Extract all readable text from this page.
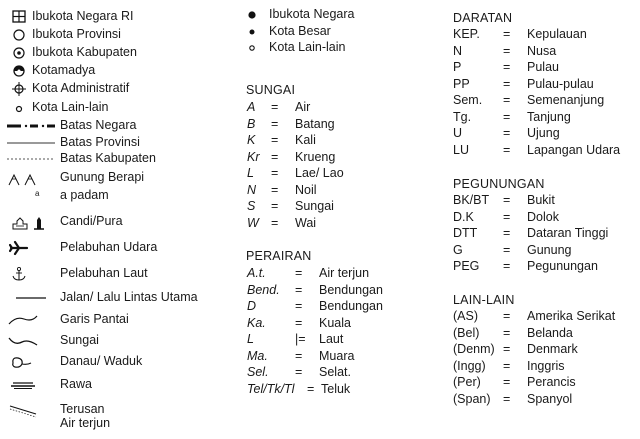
Ibukota Negara RI
Ibukota Provinsi
Ibukota Kabupaten
Kotamadya
Kota Administratif
Kota Lain-lain
Batas Negara
Batas Provinsi
Batas Kabupaten
a
Gunung Berapi
a padam
Candi/Pura
Pelabuhan Udara
Pelabuhan Laut
Jalan/ Lalu Lintas Utama
Garis Pantai
Sungai
Danau/ Waduk
Rawa
Terusan
Air terjun
Ibukota Negara
Kota Besar
Kota Lain-lain
SUNGAI
A = Air
B = Batang
K = Kali
Kr = Krueng
L = Lae/ Lao
N = Noil
S = Sungai
W = Wai
PERAIRAN
A.t. = Air terjun
Bend. = Bendungan
D	= Bendungan
Ka. = Kuala
L	|= Laut
Ma. = Muara
Sel. = Selat.
Tel/Tk/Tl = Teluk
DARATAN
KEP. = Kepulauan
N	= Nusa
P	= Pulau
PP	= Pulau-pulau
Sem. = Semenanjung
Tg.	= Tanjung
U	= Ujung
LU	= Lapangan Udara
PEGUNUNGAN
BK/BT = Bukit
D.K = Dolok
DTT = Dataran Tinggi
G	= Gunung
PEG = Pegunungan
LAIN-LAIN
(AS) = Amerika Serikat
(Bel) = Belanda
(Denm) = Denmark
(Ingg) = Inggris
(Per) = Perancis
(Span) = Spanyol
